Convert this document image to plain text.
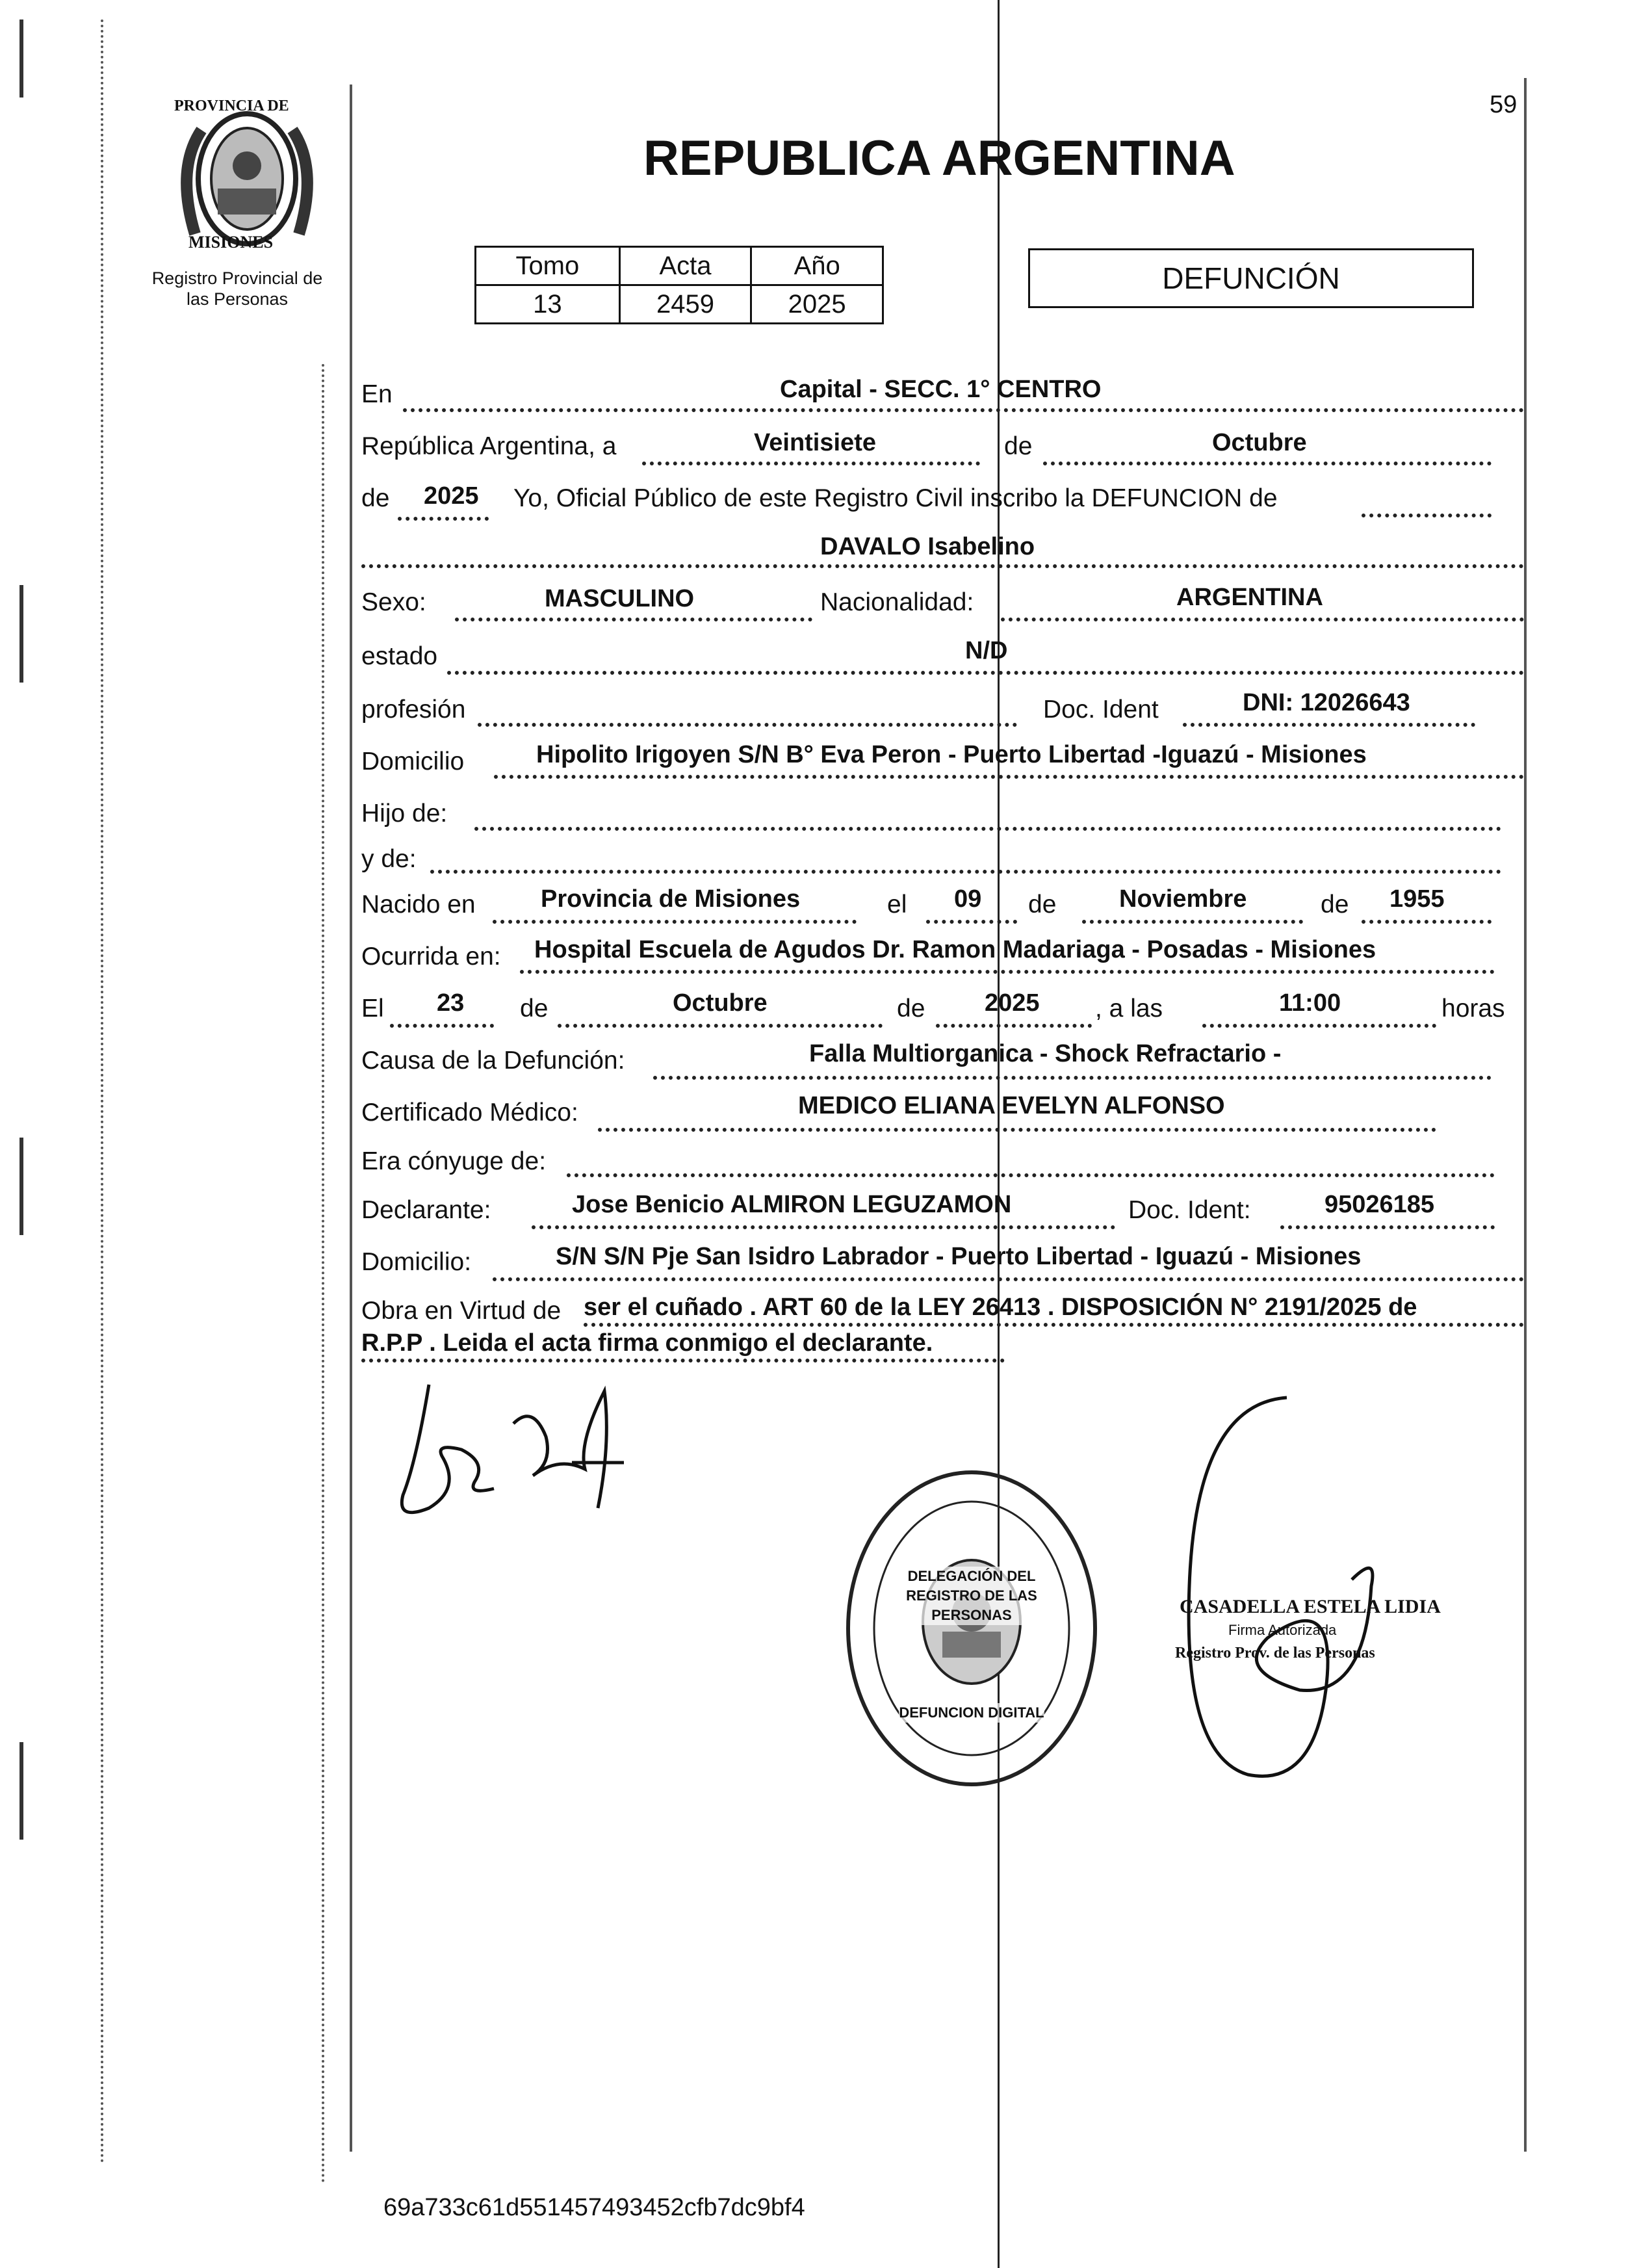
59
PROVINCIA DE
MISIONES
Registro Provincial de
las Personas
REPUBLICA ARGENTINA
Tomo	Acta	Año
13	2459	2025
DEFUNCIÓN
En	Capital - SECC. 1° CENTRO
República Argentina, a	Veintisiete	de	Octubre
de 2025 Yo, Oficial Público de este Registro Civil inscribo la DEFUNCION de
DAVALO Isabelino
Sexo:	MASCULINO	Nacionalidad:	ARGENTINA
estado	N/D
profesión	Doc. Ident	DNI: 12026643
Domicilio	Hipolito Irigoyen S/N B° Eva Peron - Puerto Libertad -Iguazú - Misiones
Hijo de:
y de:
Nacido en	Provincia de Misiones	el 09 de	Noviembre	de 1955
Ocurrida en: Hospital Escuela de Agudos Dr. Ramon Madariaga - Posadas - Misiones
El 23 de	Octubre	de 2025 , a las	11:00	horas
Causa de la Defunción:	Falla Multiorganica - Shock Refractario -
Certificado Médico:	MEDICO ELIANA EVELYN ALFONSO
Era cónyuge de:
Declarante:	Jose Benicio ALMIRON LEGUZAMON	Doc. Ident:	95026185
Domicilio:	S/N S/N Pje San Isidro Labrador - Puerto Libertad - Iguazú - Misiones
Obra en Virtud de ser el cuñado . ART 60 de la LEY 26413 . DISPOSICIÓN N° 2191/2025 de
R.P.P . Leida el acta firma conmigo el declarante.
DELEGACIÓN DEL REGISTRO DE LAS PERSONAS
DEFUNCION DIGITAL
CASADELLA ESTELA LIDIA
Firma Autorizada
Registro Prov. de las Personas
69a733c61d551457493452cfb7dc9bf4
